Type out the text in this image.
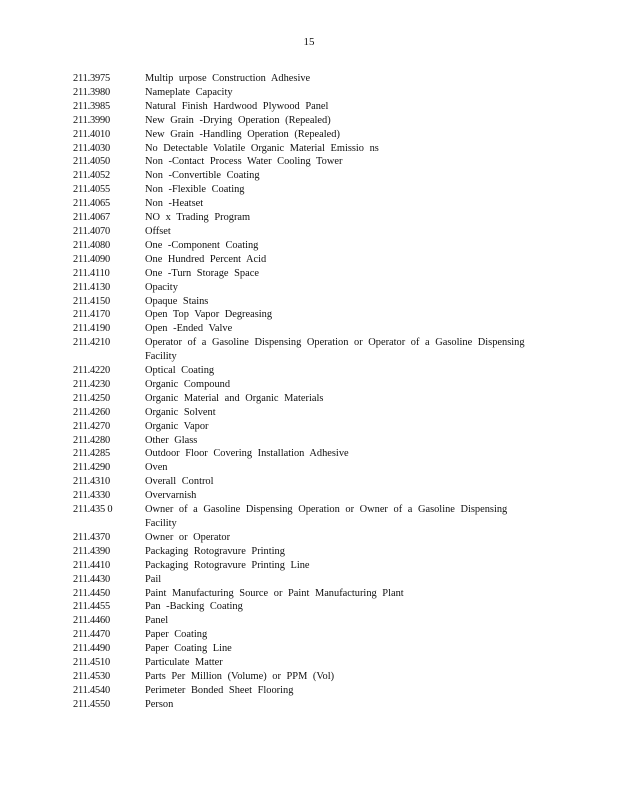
15
211.3975	Multip urpose Construction Adhesive
211.3980	Nameplate Capacity
211.3985	Natural Finish Hardwood Plywood Panel
211.3990	New Grain -Drying Operation (Repealed)
211.4010	New Grain -Handling Operation (Repealed)
211.4030	No Detectable Volatile Organic Material Emissio ns
211.4050	Non -Contact Process Water Cooling Tower
211.4052	Non -Convertible Coating
211.4055	Non -Flexible Coating
211.4065	Non -Heatset
211.4067	NO x Trading Program
211.4070	Offset
211.4080	One -Component Coating
211.4090	One Hundred Percent Acid
211.4110	One -Turn Storage Space
211.4130	Opacity
211.4150	Opaque Stains
211.4170	Open Top Vapor Degreasing
211.4190	Open -Ended Valve
211.4210	Operator of a Gasoline Dispensing Operation or Operator of a Gasoline Dispensing Facility
211.4220	Optical Coating
211.4230	Organic Compound
211.4250	Organic Material and Organic Materials
211.4260	Organic Solvent
211.4270	Organic Vapor
211.4280	Other Glass
211.4285	Outdoor Floor Covering Installation Adhesive
211.4290	Oven
211.4310	Overall Control
211.4330	Overvarnish
211.435 0	Owner of a Gasoline Dispensing Operation or Owner of a Gasoline Dispensing Facility
211.4370	Owner or Operator
211.4390	Packaging Rotogravure Printing
211.4410	Packaging Rotogravure Printing Line
211.4430	Pail
211.4450	Paint Manufacturing Source or Paint Manufacturing Plant
211.4455	Pan -Backing Coating
211.4460	Panel
211.4470	Paper Coating
211.4490	Paper Coating Line
211.4510	Particulate Matter
211.4530	Parts Per Million (Volume) or PPM (Vol)
211.4540	Perimeter Bonded Sheet Flooring
211.4550	Person
